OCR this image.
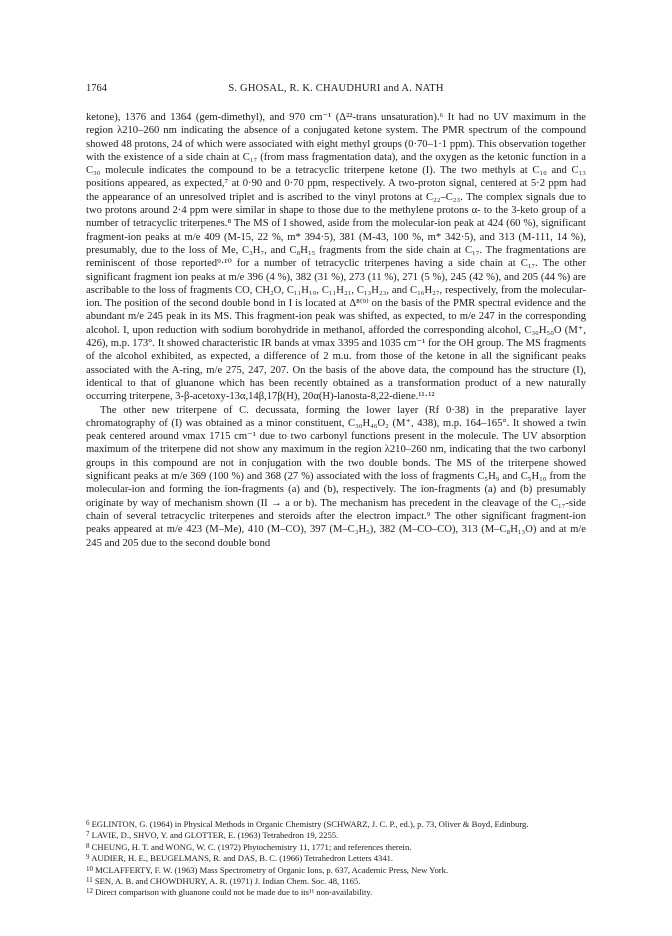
1764	S. GHOSAL, R. K. CHAUDHURI and A. NATH

ketone), 1376 and 1364 (gem-dimethyl), and 970 cm⁻¹ (Δ²²-trans unsaturation).⁶ It had no UV maximum in the region λ210–260 nm indicating the absence of a conjugated ketone system. The PMR spectrum of the compound showed 48 protons, 24 of which were associated with eight methyl groups (0·70–1·1 ppm). This observation together with the existence of a side chain at C₁₇ (from mass fragmentation data), and the oxygen as the ketonic function in a C₃₀ molecule indicates the compound to be a tetracyclic triterpene ketone (I). The two methyls at C₁₀ and C₁₃ positions appeared, as expected,⁷ at 0·90 and 0·70 ppm, respectively. A two-proton signal, centered at 5·2 ppm had the appearance of an unresolved triplet and is ascribed to the vinyl protons at C₂₂–C₂₃. The complex signals due to two protons around 2·4 ppm were similar in shape to those due to the methylene protons α- to the 3-keto group of a number of tetracyclic triterpenes.⁸ The MS of I showed, aside from the molecular-ion peak at 424 (60 %), significant fragment-ion peaks at m/e 409 (M-15, 22 %, m* 394·5), 381 (M-43, 100 %, m* 342·5), and 313 (M-111, 14 %), presumably, due to the loss of Me, C₃H₇, and C₈H₁₅ fragments from the side chain at C₁₇. The fragmentations are reminiscent of those reported⁹·¹⁰ for a number of tetracyclic triterpenes having a side chain at C₁₇. The other significant fragment ion peaks at m/e 396 (4 %), 382 (31 %), 273 (11 %), 271 (5 %), 245 (42 %), and 205 (44 %) are ascribable to the loss of fragments CO, CH₂O, C₁₁H₁₉, C₁₁H₂₁, C₁₃H₂₃, and C₁₆H₂₇, respectively, from the molecular-ion. The position of the second double bond in I is located at Δ⁸⁽⁹⁾ on the basis of the PMR spectral evidence and the abundant m/e 245 peak in its MS. This fragment-ion peak was shifted, as expected, to m/e 247 in the corresponding alcohol. I, upon reduction with sodium borohydride in methanol, afforded the corresponding alcohol, C₃₀H₅₀O (M⁺, 426), m.p. 173°. It showed characteristic IR bands at νmax 3395 and 1035 cm⁻¹ for the OH group. The MS fragments of the alcohol exhibited, as expected, a difference of 2 m.u. from those of the ketone in all the significant peaks associated with the A-ring, m/e 275, 247, 207. On the basis of the above data, the compound has the structure (I), identical to that of gluanone which has been recently obtained as a transformation product of a new naturally occurring triterpene, 3-β-acetoxy-13α,14β,17β(H), 20α(H)-lanosta-8,22-diene.¹¹·¹²

The other new triterpene of C. decussata, forming the lower layer (Rf 0·38) in the preparative layer chromatography of (I) was obtained as a minor constituent, C₃₀H₄₆O₂ (M⁺, 438), m.p. 164–165°. It showed a twin peak centered around νmax 1715 cm⁻¹ due to two carbonyl functions present in the molecule. The UV absorption maximum of the triterpene did not show any maximum in the region λ210–260 nm, indicating that the two carbonyl groups in this compound are not in conjugation with the two double bonds. The MS of the triterpene showed significant peaks at m/e 369 (100 %) and 368 (27 %) associated with the loss of fragments C₅H₉ and C₅H₁₀ from the molecular-ion and forming the ion-fragments (a) and (b), respectively. The ion-fragments (a) and (b) presumably originate by way of mechanism shown (II → a or b). The mechanism has precedent in the cleavage of the C₁₇-side chain of several tetracyclic triterpenes and steroids after the electron impact.⁹ The other significant fragment-ion peaks appeared at m/e 423 (M–Me), 410 (M–CO), 397 (M–C₃H₅), 382 (M–CO–CO), 313 (M–C₈H₁₃O) and at m/e 245 and 205 due to the second double bond

$^6$ EGLINTON, G. (1964) in Physical Methods in Organic Chemistry (SCHWARZ, J. C. P., ed.), p. 73, Oliver & Boyd, Edinburg.

$^7$ LAVIE, D., SHVO, Y. and GLOTTER, E. (1963) Tetrahedron 19, 2255.

$^8$ CHEUNG, H. T. and WONG, W. C. (1972) Phytochemistry 11, 1771; and references therein.

$^9$ AUDIER, H. E., BEUGELMANS, R. and DAS, B. C. (1966) Tetrahedron Letters 4341.

$^{10}$ MCLAFFERTY, F. W. (1963) Mass Spectrometry of Organic Ions, p. 637, Academic Press, New York.

$^{11}$ SEN, A. B. and CHOWDHURY, A. R. (1971) J. Indian Chem. Soc. 48, 1165.

$^{12}$ Direct comparison with gluanone could not be made due to its¹¹ non-availability.
